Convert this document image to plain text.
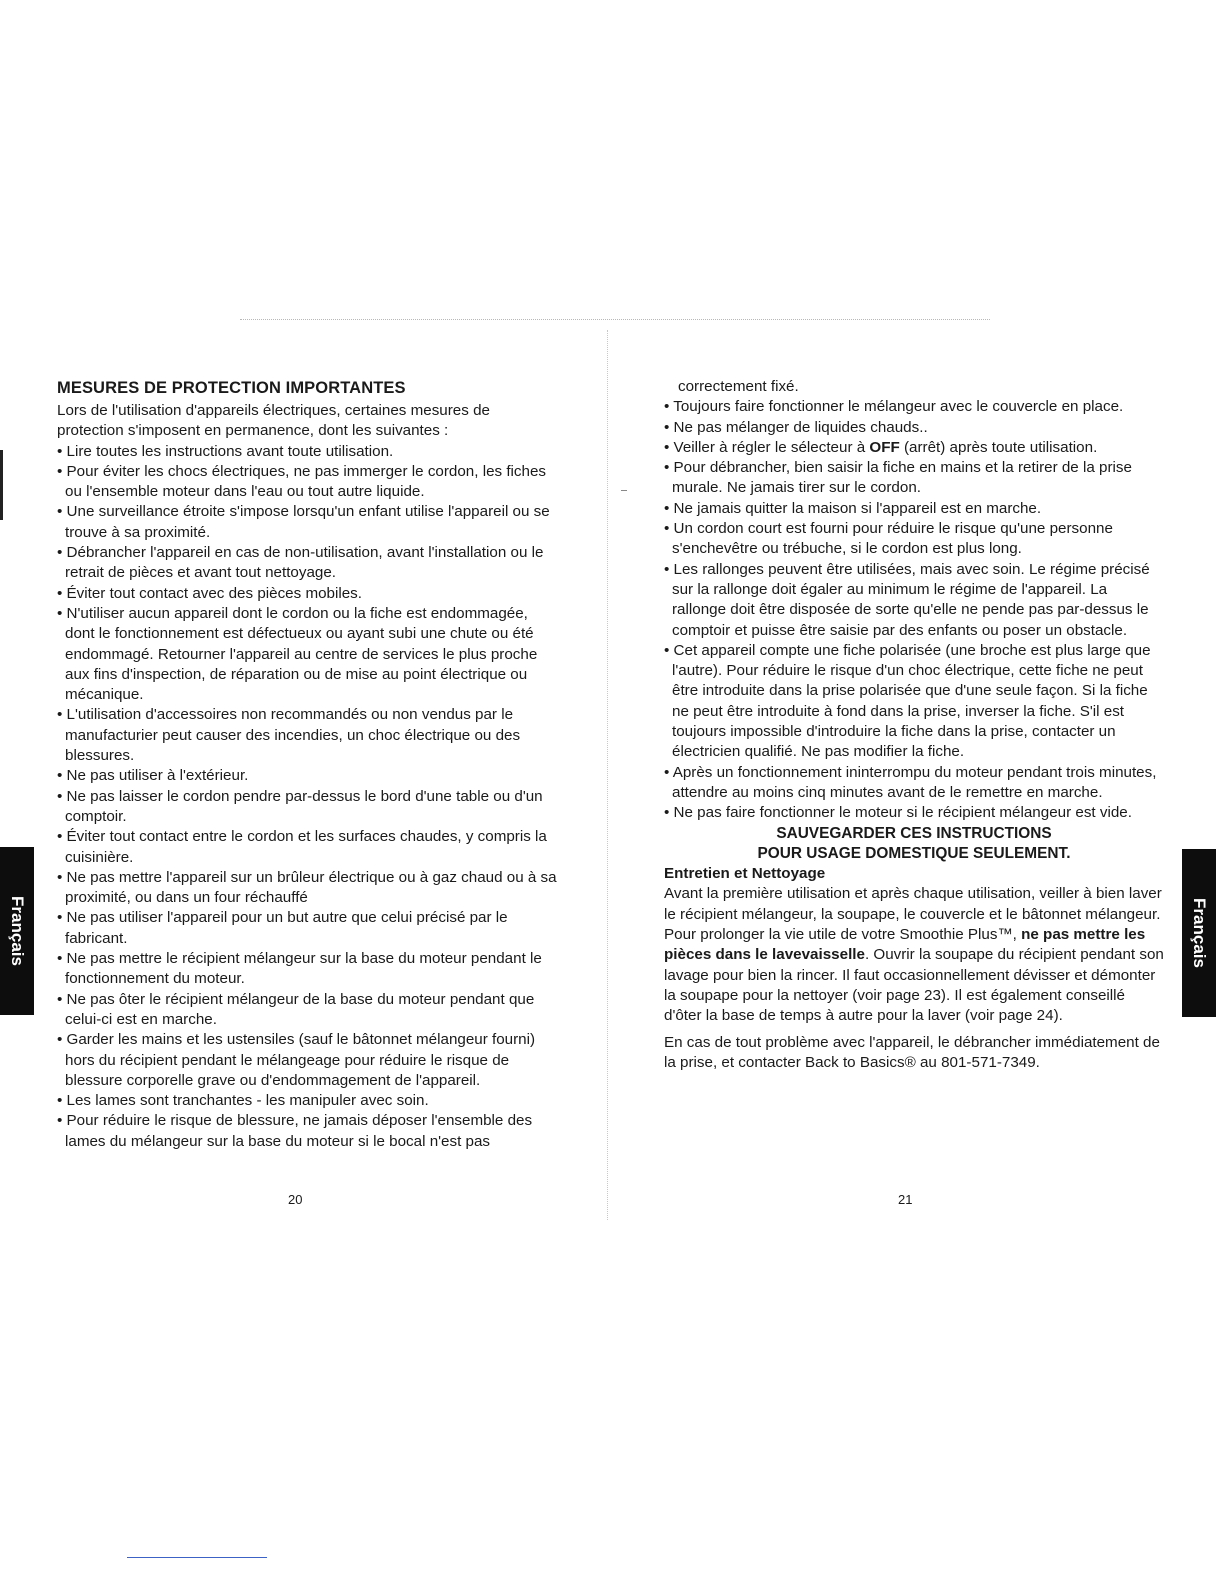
MESURES DE PROTECTION IMPORTANTES

Lors de l'utilisation d'appareils électriques, certaines mesures de protection s'imposent en permanence, dont les suivantes :

• Lire toutes les instructions avant toute utilisation.

• Pour éviter les chocs électriques, ne pas immerger le cordon, les fiches ou l'ensemble moteur dans l'eau ou tout autre liquide.

• Une surveillance étroite s'impose lorsqu'un enfant utilise l'appareil ou se trouve à sa proximité.

• Débrancher l'appareil en cas de non-utilisation, avant l'installation ou le retrait de pièces et avant tout nettoyage.

• Éviter tout contact avec des pièces mobiles.

• N'utiliser aucun appareil dont le cordon ou la fiche est endommagée, dont le fonctionnement est défectueux ou ayant subi une chute ou été endommagé. Retourner l'appareil au centre de services le plus proche aux fins d'inspection, de réparation ou de mise au point électrique ou mécanique.

• L'utilisation d'accessoires non recommandés ou non vendus par le manufacturier peut causer des incendies, un choc électrique ou des blessures.

• Ne pas utiliser à l'extérieur.

• Ne pas laisser le cordon pendre par-dessus le bord d'une table ou d'un comptoir.

• Éviter tout contact entre le cordon et les surfaces chaudes, y compris la cuisinière.

• Ne pas mettre l'appareil sur un brûleur électrique ou à gaz chaud ou à sa proximité, ou dans un four réchauffé

• Ne pas utiliser l'appareil pour un but autre que celui précisé par le fabricant.

• Ne pas mettre le récipient mélangeur sur la base du moteur pendant le fonctionnement du moteur.

• Ne pas ôter le récipient mélangeur de la base du moteur pendant que celui-ci est en marche.

• Garder les mains et les ustensiles (sauf le bâtonnet mélangeur fourni) hors du récipient pendant le mélangeage pour réduire le risque de blessure corporelle grave ou d'endommagement de l'appareil.

• Les lames sont tranchantes - les manipuler avec soin.

• Pour réduire le risque de blessure, ne jamais déposer l'ensemble des lames du mélangeur sur la base du moteur si le bocal n'est pas

correctement fixé.

• Toujours faire fonctionner le mélangeur avec le couvercle en place.

• Ne pas mélanger de liquides chauds..

• Veiller à régler le sélecteur à OFF (arrêt) après toute utilisation.

• Pour débrancher, bien saisir la fiche en mains et la retirer de la prise murale. Ne jamais tirer sur le cordon.

• Ne jamais quitter la maison si l'appareil est en marche.

• Un cordon court est fourni pour réduire le risque qu'une personne s'enchevêtre ou trébuche, si le cordon est plus long.

• Les rallonges peuvent être utilisées, mais avec soin. Le régime précisé sur la rallonge doit égaler au minimum le régime de l'appareil. La rallonge doit être disposée de sorte qu'elle ne pende pas par-dessus le comptoir et puisse être saisie par des enfants ou poser un obstacle.

• Cet appareil compte une fiche polarisée (une broche est plus large que l'autre). Pour réduire le risque d'un choc électrique, cette fiche ne peut être introduite dans la prise polarisée que d'une seule façon. Si la fiche ne peut être introduite à fond dans la prise, inverser la fiche. S'il est toujours impossible d'introduire la fiche dans la prise, contacter un électricien qualifié. Ne pas modifier la fiche.

• Après un fonctionnement ininterrompu du moteur pendant trois minutes, attendre au moins cinq minutes avant de le remettre en marche.

• Ne pas faire fonctionner le moteur si le récipient mélangeur est vide.

SAUVEGARDER CES INSTRUCTIONS

POUR USAGE DOMESTIQUE SEULEMENT.

Entretien et Nettoyage

Avant la première utilisation et après chaque utilisation, veiller à bien laver le récipient mélangeur, la soupape, le couvercle et le bâtonnet mélangeur. Pour prolonger la vie utile de votre Smoothie Plus™, ne pas mettre les pièces dans le lavevaisselle. Ouvrir la soupape du récipient pendant son lavage pour bien la rincer. Il faut occasionnellement dévisser et démonter la soupape pour la nettoyer (voir page 23). Il est également conseillé d'ôter la base de temps à autre pour la laver (voir page 24).

En cas de tout problème avec l'appareil, le débrancher immédiatement de la prise, et contacter Back to Basics® au 801-571-7349.

20	21
Français	Français
